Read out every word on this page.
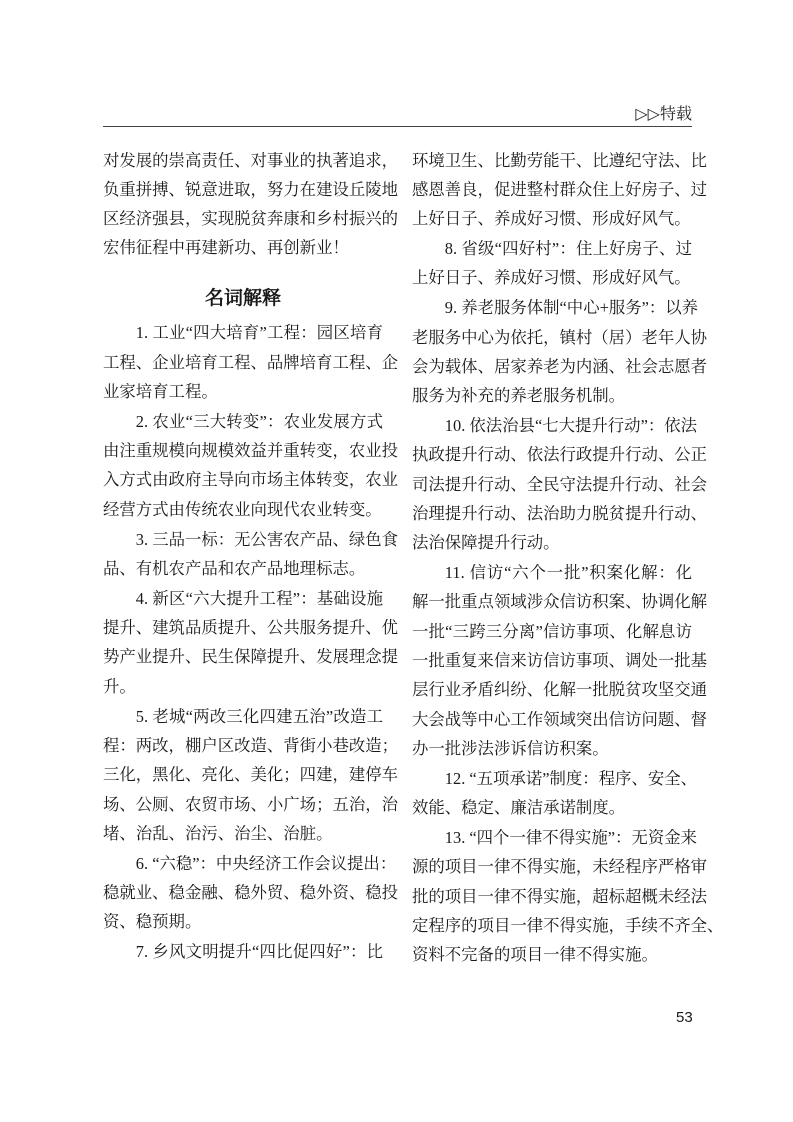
▷▷特载
对发展的崇高责任、对事业的执著追求，
负重拼搏、锐意进取，努力在建设丘陵地
区经济强县，实现脱贫奔康和乡村振兴的
宏伟征程中再建新功、再创新业！
名词解释
1. 工业“四大培育”工程：园区培育
工程、企业培育工程、品牌培育工程、企
业家培育工程。
2. 农业“三大转变”：农业发展方式
由注重规模向规模效益并重转变，农业投
入方式由政府主导向市场主体转变，农业
经营方式由传统农业向现代农业转变。
3. 三品一标：无公害农产品、绿色食
品、有机农产品和农产品地理标志。
4. 新区“六大提升工程”：基础设施
提升、建筑品质提升、公共服务提升、优
势产业提升、民生保障提升、发展理念提
升。
5. 老城“两改三化四建五治”改造工
程：两改，棚户区改造、背街小巷改造；
三化，黑化、亮化、美化；四建，建停车
场、公厕、农贸市场、小广场；五治，治
堵、治乱、治污、治尘、治脏。
6. “六稳”：中央经济工作会议提出：
稳就业、稳金融、稳外贸、稳外资、稳投
资、稳预期。
7. 乡风文明提升“四比促四好”：比
环境卫生、比勤劳能干、比遵纪守法、比
感恩善良，促进整村群众住上好房子、过
上好日子、养成好习惯、形成好风气。
8. 省级“四好村”：住上好房子、过
上好日子、养成好习惯、形成好风气。
9. 养老服务体制“中心+服务”：以养
老服务中心为依托，镇村（居）老年人协
会为载体、居家养老为内涵、社会志愿者
服务为补充的养老服务机制。
10. 依法治县“七大提升行动”：依法
执政提升行动、依法行政提升行动、公正
司法提升行动、全民守法提升行动、社会
治理提升行动、法治助力脱贫提升行动、
法治保障提升行动。
11. 信访“六个一批”积案化解：化
解一批重点领域涉众信访积案、协调化解
一批“三跨三分离”信访事项、化解息访
一批重复来信来访信访事项、调处一批基
层行业矛盾纠纷、化解一批脱贫攻坚交通
大会战等中心工作领域突出信访问题、督
办一批涉法涉诉信访积案。
12. “五项承诺”制度：程序、安全、
效能、稳定、廉洁承诺制度。
13. “四个一律不得实施”：无资金来
源的项目一律不得实施，未经程序严格审
批的项目一律不得实施，超标超概未经法
定程序的项目一律不得实施，手续不齐全、
资料不完备的项目一律不得实施。
53
